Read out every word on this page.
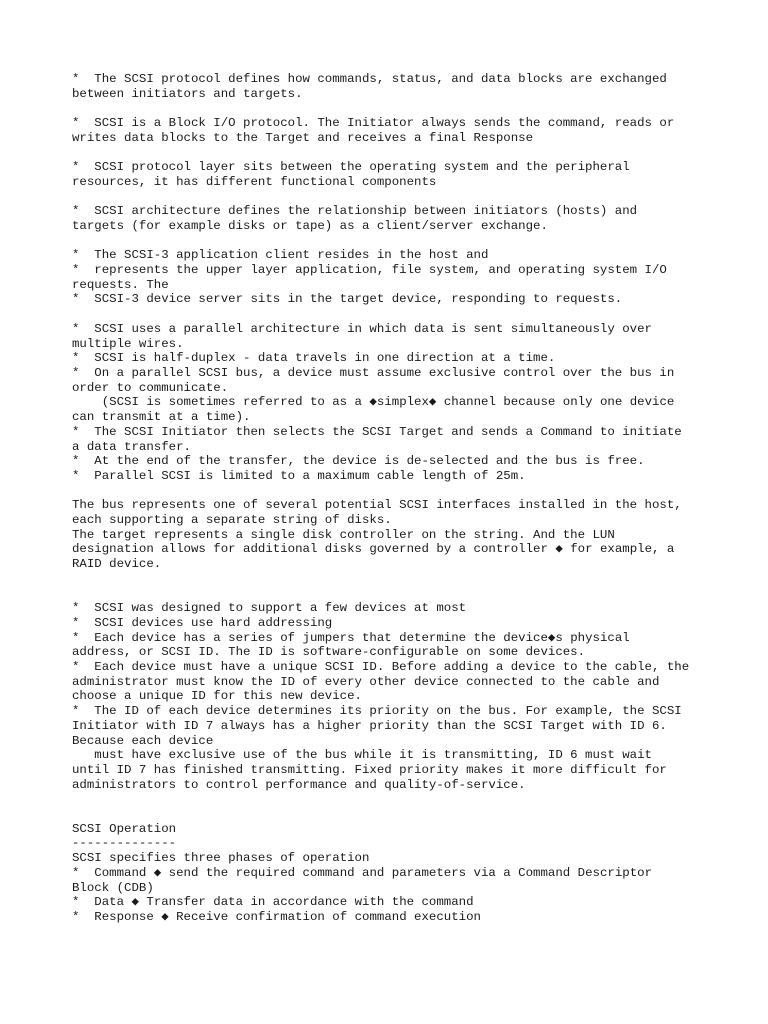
*  The SCSI protocol defines how commands, status, and data blocks are exchanged
between initiators and targets.
*  SCSI is a Block I/O protocol. The Initiator always sends the command, reads or
writes data blocks to the Target and receives a final Response
*  SCSI protocol layer sits between the operating system and the peripheral
resources, it has different functional components
*  SCSI architecture defines the relationship between initiators (hosts) and
targets (for example disks or tape) as a client/server exchange.
*  The SCSI-3 application client resides in the host and
*  represents the upper layer application, file system, and operating system I/O
requests. The
*  SCSI-3 device server sits in the target device, responding to requests.
*  SCSI uses a parallel architecture in which data is sent simultaneously over
multiple wires.
*  SCSI is half-duplex - data travels in one direction at a time.
*  On a parallel SCSI bus, a device must assume exclusive control over the bus in
order to communicate.
(SCSI is sometimes referred to as a ◆simplex◆ channel because only one device
can transmit at a time).
*  The SCSI Initiator then selects the SCSI Target and sends a Command to initiate
a data transfer.
*  At the end of the transfer, the device is de-selected and the bus is free.
*  Parallel SCSI is limited to a maximum cable length of 25m.
The bus represents one of several potential SCSI interfaces installed in the host,
each supporting a separate string of disks.
The target represents a single disk controller on the string. And the LUN
designation allows for additional disks governed by a controller ◆ for example, a
RAID device.
*  SCSI was designed to support a few devices at most
*  SCSI devices use hard addressing
*  Each device has a series of jumpers that determine the device◆s physical
address, or SCSI ID. The ID is software-configurable on some devices.
*  Each device must have a unique SCSI ID. Before adding a device to the cable, the
administrator must know the ID of every other device connected to the cable and
choose a unique ID for this new device.
*  The ID of each device determines its priority on the bus. For example, the SCSI
Initiator with ID 7 always has a higher priority than the SCSI Target with ID 6.
Because each device
must have exclusive use of the bus while it is transmitting, ID 6 must wait
until ID 7 has finished transmitting. Fixed priority makes it more difficult for
administrators to control performance and quality-of-service.
SCSI Operation
--------------
SCSI specifies three phases of operation
*  Command ◆ send the required command and parameters via a Command Descriptor
Block (CDB)
*  Data ◆ Transfer data in accordance with the command
*  Response ◆ Receive confirmation of command execution
